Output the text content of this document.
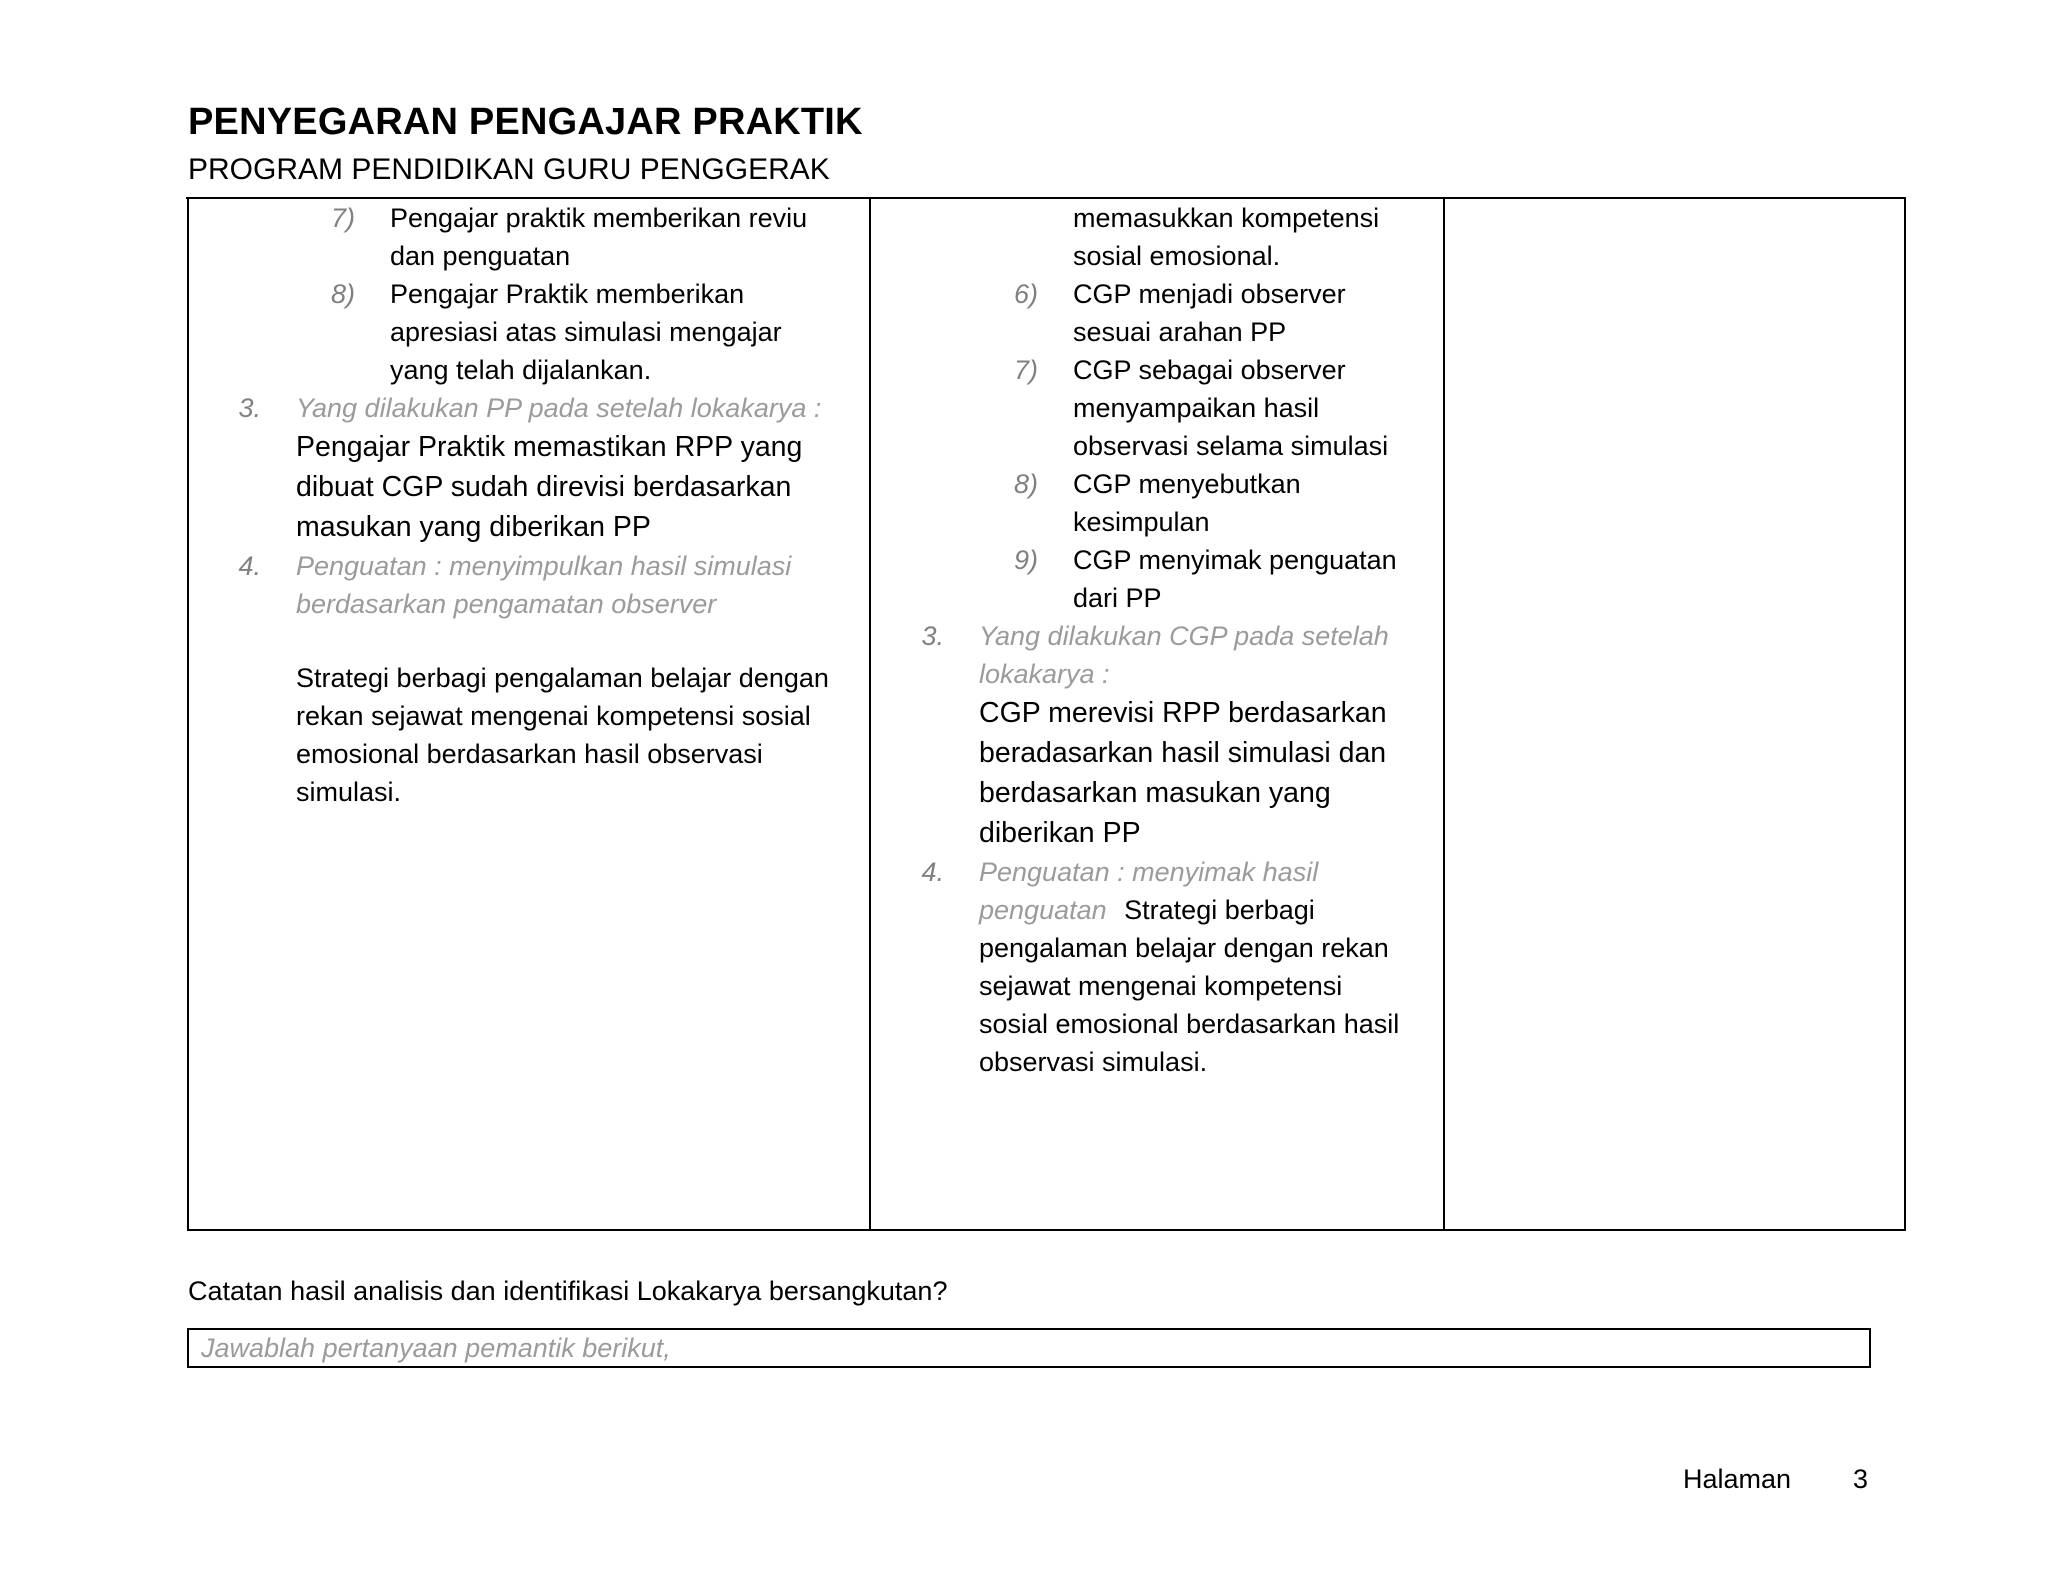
PENYEGARAN PENGAJAR PRAKTIK
PROGRAM PENDIDIKAN GURU PENGGERAK
7) Pengajar praktik memberikan reviu
dan penguatan
8) Pengajar Praktik memberikan
apresiasi atas simulasi mengajar
yang telah dijalankan.
3. Yang dilakukan PP pada setelah lokakarya :
Pengajar Praktik memastikan RPP yang
dibuat CGP sudah direvisi berdasarkan
masukan yang diberikan PP
4. Penguatan : menyimpulkan hasil simulasi
berdasarkan pengamatan observer
Strategi berbagi pengalaman belajar dengan
rekan sejawat mengenai kompetensi sosial
emosional berdasarkan hasil observasi
simulasi.
memasukkan kompetensi
sosial emosional.
6) CGP menjadi observer
sesuai arahan PP
7) CGP sebagai observer
menyampaikan hasil
observasi selama simulasi
8) CGP menyebutkan
kesimpulan
9) CGP menyimak penguatan
dari PP
3. Yang dilakukan CGP pada setelah
lokakarya :
CGP merevisi RPP berdasarkan
beradasarkan hasil simulasi dan
berdasarkan masukan yang
diberikan PP
4. Penguatan : menyimak hasil
penguatan Strategi berbagi
pengalaman belajar dengan rekan
sejawat mengenai kompetensi
sosial emosional berdasarkan hasil
observasi simulasi.

Catatan hasil analisis dan identifikasi Lokakarya bersangkutan?

Jawablah pertanyaan pemantik berikut,
Halaman 3
